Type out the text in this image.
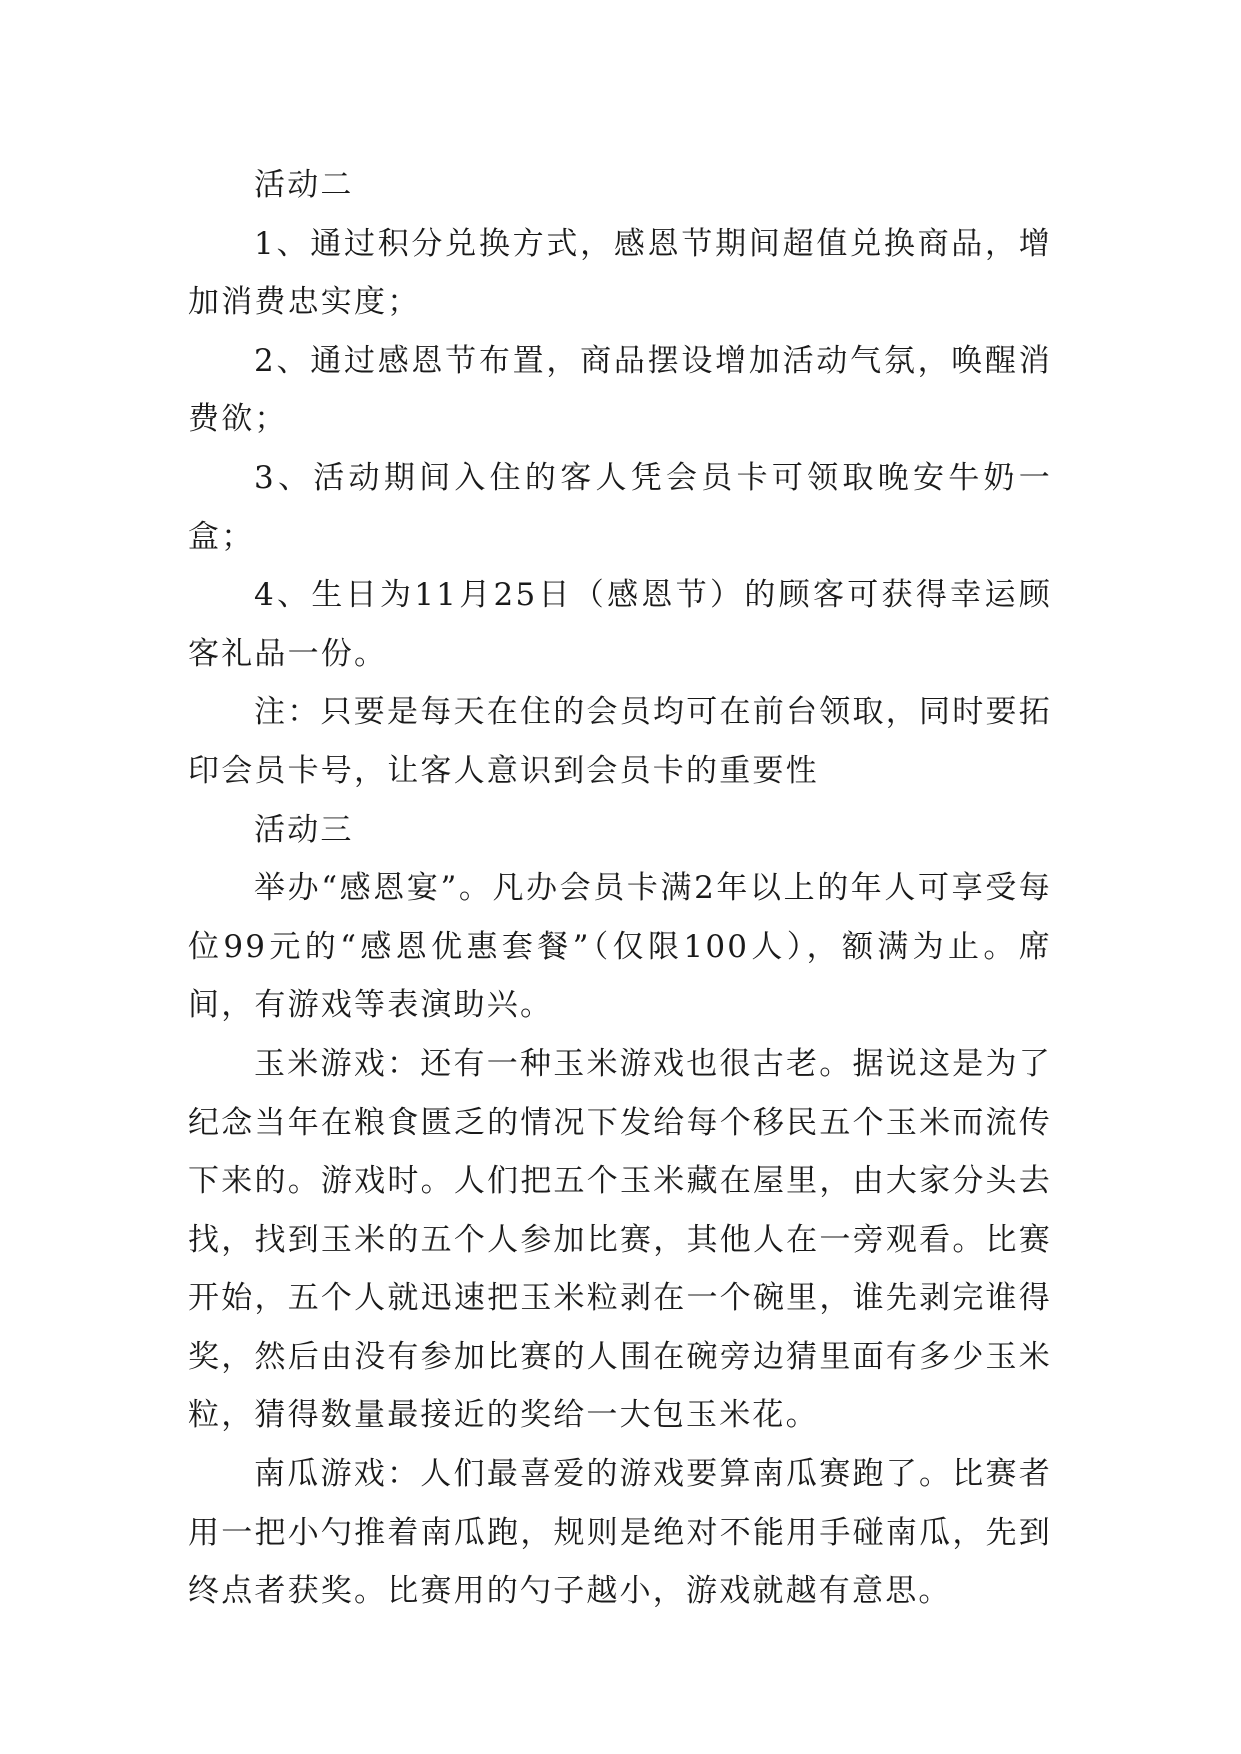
活动二

1、通过积分兑换方式，感恩节期间超值兑换商品，增加消费忠实度；

2、通过感恩节布置，商品摆设增加活动气氛，唤醒消费欲；

3、活动期间入住的客人凭会员卡可领取晚安牛奶一盒；

4、生日为11月25日（感恩节）的顾客可获得幸运顾客礼品一份。

注：只要是每天在住的会员均可在前台领取，同时要拓印会员卡号，让客人意识到会员卡的重要性

活动三

举办“感恩宴”。凡办会员卡满2年以上的年人可享受每位99元的“感恩优惠套餐”（仅限100人），额满为止。席间，有游戏等表演助兴。

玉米游戏：还有一种玉米游戏也很古老。据说这是为了纪念当年在粮食匮乏的情况下发给每个移民五个玉米而流传下来的。游戏时。人们把五个玉米藏在屋里，由大家分头去找，找到玉米的五个人参加比赛，其他人在一旁观看。比赛开始，五个人就迅速把玉米粒剥在一个碗里，谁先剥完谁得奖，然后由没有参加比赛的人围在碗旁边猜里面有多少玉米粒，猜得数量最接近的奖给一大包玉米花。

南瓜游戏：人们最喜爱的游戏要算南瓜赛跑了。比赛者用一把小勺推着南瓜跑，规则是绝对不能用手碰南瓜，先到终点者获奖。比赛用的勺子越小，游戏就越有意思。
